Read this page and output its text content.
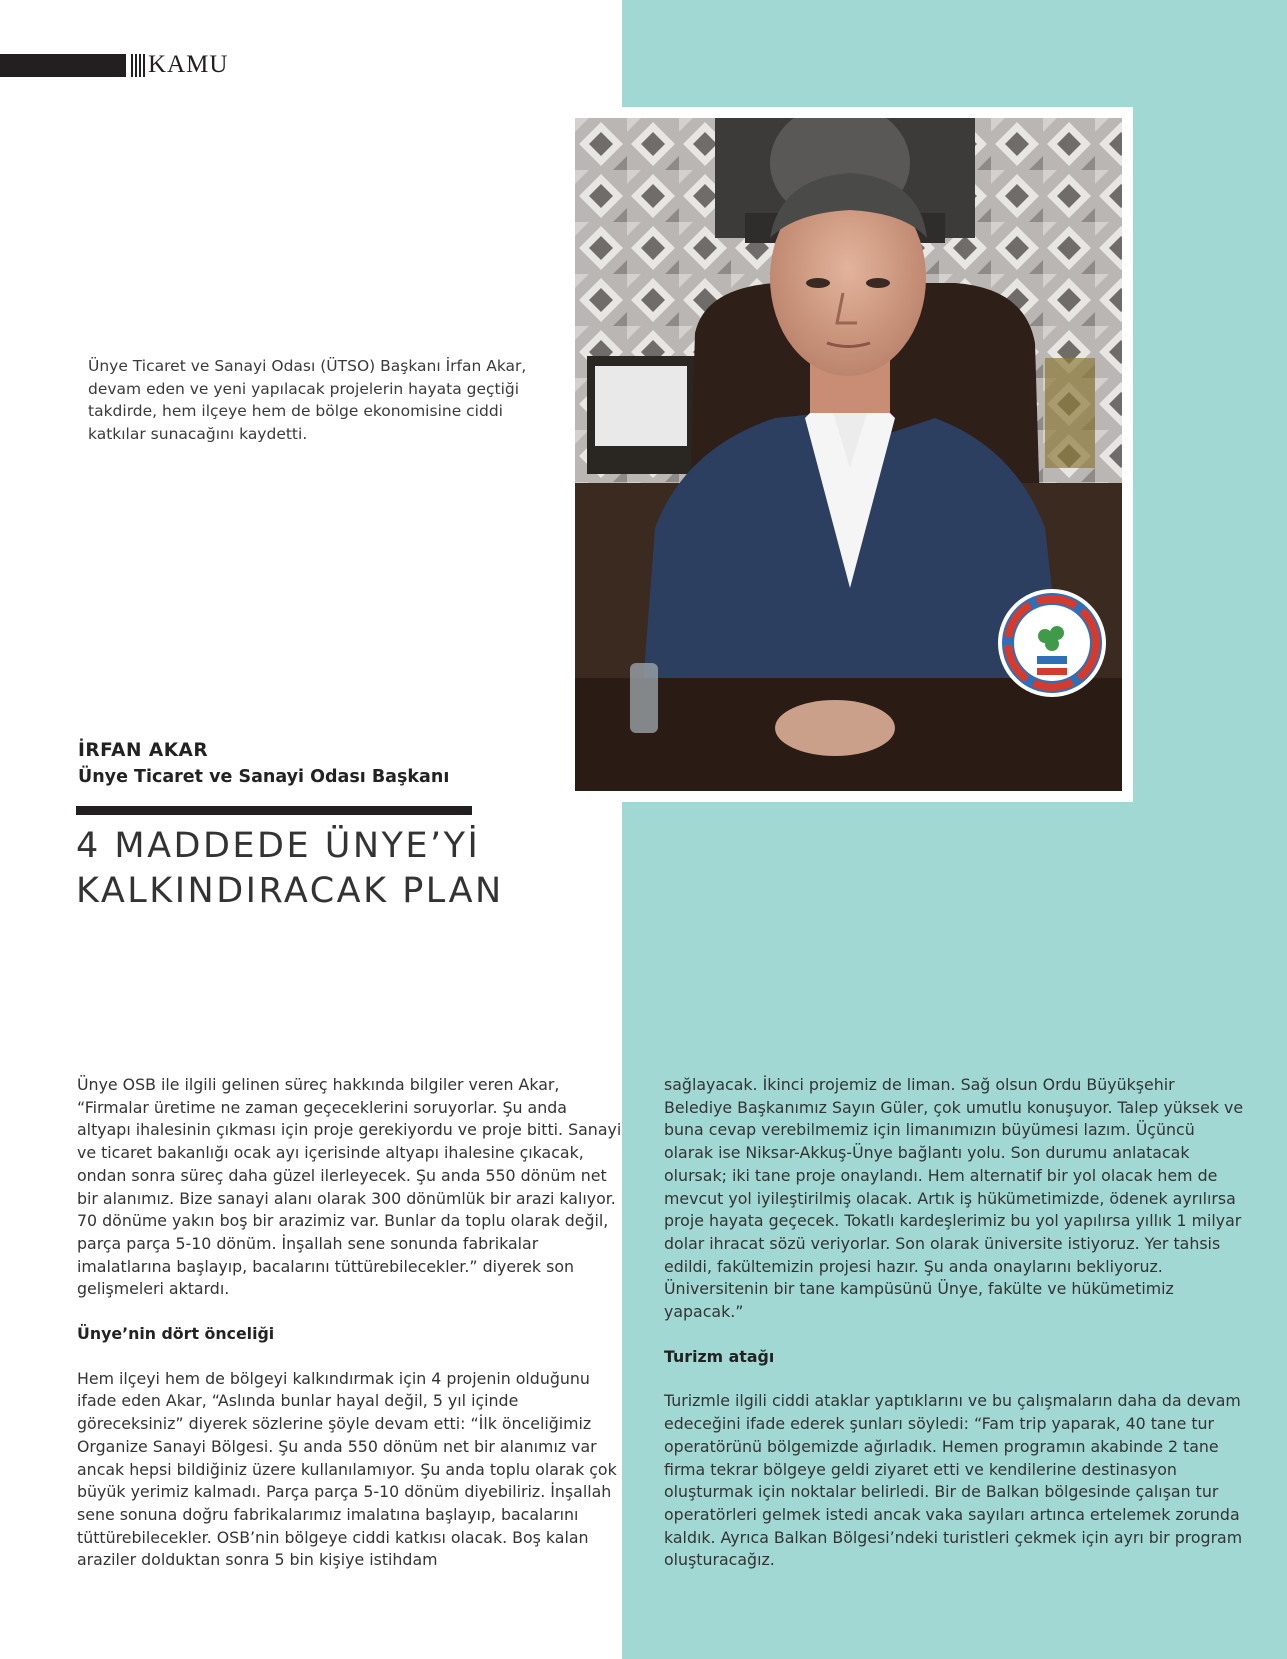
KAMU

Ünye Ticaret ve Sanayi Odası (ÜTSO) Başkanı İrfan Akar, devam eden ve yeni yapılacak projelerin hayata geçtiği takdirde, hem ilçeye hem de bölge ekonomisine ciddi katkılar sunacağını kaydetti.

İRFAN AKAR
Ünye Ticaret ve Sanayi Odası Başkanı
4 MADDEDE ÜNYE’Yİ
KALKINDIRACAK PLAN

Ünye OSB ile ilgili gelinen süreç hakkında bilgiler veren Akar, “Firmalar üretime ne zaman geçeceklerini soruyorlar. Şu anda altyapı ihalesinin çıkması için proje gerekiyordu ve proje bitti. Sanayi ve ticaret bakanlığı ocak ayı içerisinde altyapı ihalesine çıkacak, ondan sonra süreç daha güzel ilerleyecek. Şu anda 550 dönüm net bir alanımız. Bize sanayi alanı olarak 300 dönümlük bir arazi kalıyor. 70 dönüme yakın boş bir arazimiz var. Bunlar da toplu olarak değil, parça parça 5-10 dönüm. İnşallah sene sonunda fabrikalar imalatlarına başlayıp, bacalarını tüttürebilecekler.” diyerek son gelişmeleri aktardı.

Ünye’nin dört önceliği

Hem ilçeyi hem de bölgeyi kalkındırmak için 4 projenin olduğunu ifade eden Akar, “Aslında bunlar hayal değil, 5 yıl içinde göreceksiniz” diyerek sözlerine şöyle devam etti: “İlk önceliğimiz Organize Sanayi Bölgesi. Şu anda 550 dönüm net bir alanımız var ancak hepsi bildiğiniz üzere kullanılamıyor. Şu anda toplu olarak çok büyük yerimiz kalmadı. Parça parça 5-10 dönüm diyebiliriz. İnşallah sene sonuna doğru fabrikalarımız imalatına başlayıp, bacalarını tüttürebilecekler. OSB’nin bölgeye ciddi katkısı olacak. Boş kalan araziler dolduktan sonra 5 bin kişiye istihdam

sağlayacak. İkinci projemiz de liman. Sağ olsun Ordu Büyükşehir Belediye Başkanımız Sayın Güler, çok umutlu konuşuyor. Talep yüksek ve buna cevap verebilmemiz için limanımızın büyümesi lazım. Üçüncü olarak ise Niksar-Akkuş-Ünye bağlantı yolu. Son durumu anlatacak olursak; iki tane proje onaylandı. Hem alternatif bir yol olacak hem de mevcut yol iyileştirilmiş olacak. Artık iş hükümetimizde, ödenek ayrılırsa proje hayata geçecek. Tokatlı kardeşlerimiz bu yol yapılırsa yıllık 1 milyar dolar ihracat sözü veriyorlar. Son olarak üniversite istiyoruz. Yer tahsis edildi, fakültemizin projesi hazır. Şu anda onaylarını bekliyoruz. Üniversitenin bir tane kampüsünü Ünye, fakülte ve hükümetimiz yapacak.”

Turizm atağı

Turizmle ilgili ciddi ataklar yaptıklarını ve bu çalışmaların daha da devam edeceğini ifade ederek şunları söyledi: “Fam trip yaparak, 40 tane tur operatörünü bölgemizde ağırladık. Hemen programın akabinde 2 tane firma tekrar bölgeye geldi ziyaret etti ve kendilerine destinasyon oluşturmak için noktalar belirledi. Bir de Balkan bölgesinde çalışan tur operatörleri gelmek istedi ancak vaka sayıları artınca ertelemek zorunda kaldık. Ayrıca Balkan Bölgesi’ndeki turistleri çekmek için ayrı bir program oluşturacağız.
